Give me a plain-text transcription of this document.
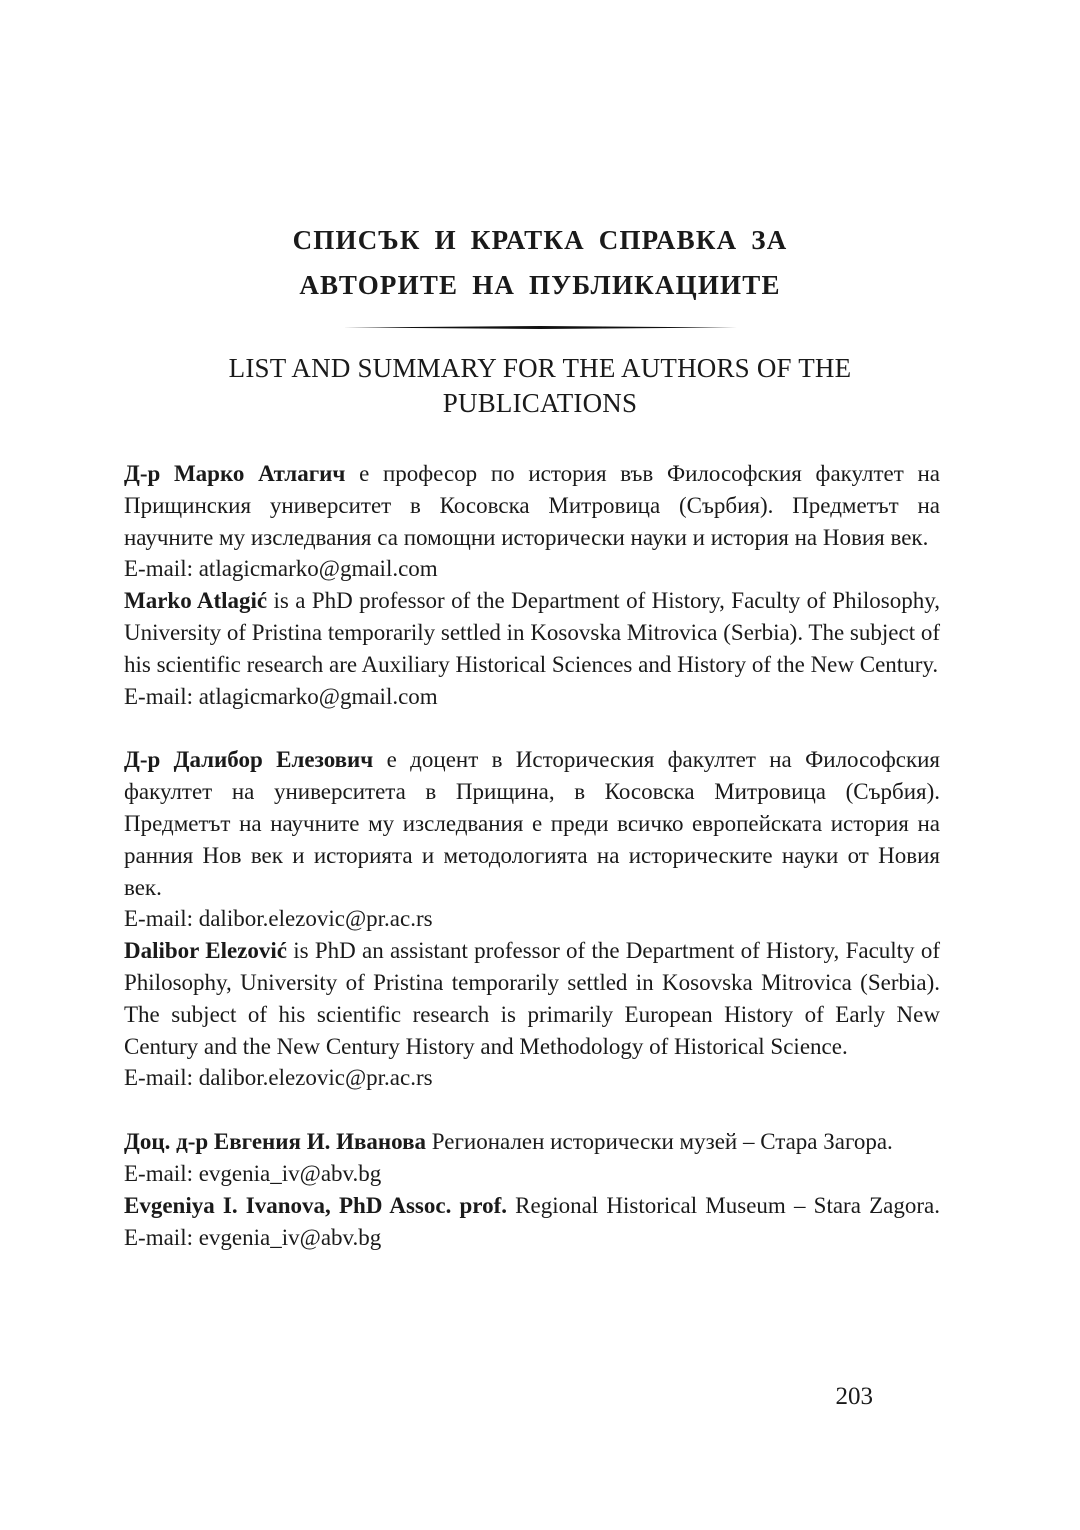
СПИСЪК И КРАТКА СПРАВКА ЗА
АВТОРИТЕ НА ПУБЛИКАЦИИТЕ
LIST AND SUMMARY FOR THE AUTHORS OF THE PUBLICATIONS

Д-р Марко Атлагич е професор по история във Философския факултет на Прищинския университет в Косовска Митровица (Сърбия). Предметът на научните му изследвания са помощни исторически науки и история на Новия век.

E-mail: atlagicmarko@gmail.com

Marko Atlagić is a PhD professor of the Department of History, Faculty of Philosophy, University of Pristina temporarily settled in Kosovska Mitrovica (Serbia). The subject of his scientific research are Auxiliary Historical Sciences and History of the New Century.

E-mail: atlagicmarko@gmail.com

Д-р Далибор Елезович е доцент в Историческия факултет на Философския факултет на университета в Прищина, в Косовска Митровица (Сърбия). Предметът на научните му изследвания е преди всичко европейската история на ранния Нов век и историята и методологията на историческите науки от Новия век.

E-mail: dalibor.elezovic@pr.ac.rs

Dalibor Elezović is PhD an assistant professor of the Department of History, Faculty of Philosophy, University of Pristina temporarily settled in Kosovska Mitrovica (Serbia). The subject of his scientific research is primarily European History of Early New Century and the New Century History and Methodology of Historical Science.

E-mail: dalibor.elezovic@pr.ac.rs

Доц. д-р Евгения И. Иванова Регионален исторически музей – Стара Загора.

E-mail: evgenia_iv@abv.bg

Evgeniya I. Ivanova, PhD Assoc. prof. Regional Historical Museum – Stara Zagora. E-mail: evgenia_iv@abv.bg

203
